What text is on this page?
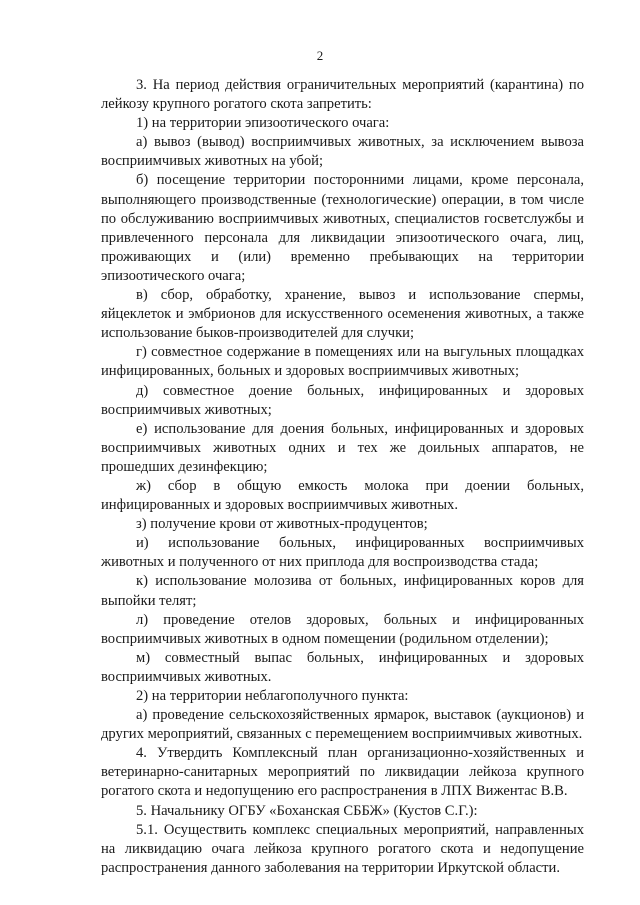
2

3. На период действия ограничительных мероприятий (карантина) по лейкозу крупного рогатого скота запретить:

1) на территории эпизоотического очага:

а) вывоз (вывод) восприимчивых животных, за исключением вывоза восприимчивых животных на убой;

б) посещение территории посторонними лицами, кроме персонала, выполняющего производственные (технологические) операции, в том числе по обслуживанию восприимчивых животных, специалистов госветслужбы и привлеченного персонала для ликвидации эпизоотического очага, лиц, проживающих и (или) временно пребывающих на территории эпизоотического очага;

в) сбор, обработку, хранение, вывоз и использование спермы, яйцеклеток и эмбрионов для искусственного осеменения животных, а также использование быков-производителей для случки;

г) совместное содержание в помещениях или на выгульных площадках инфицированных, больных и здоровых восприимчивых животных;

д) совместное доение больных, инфицированных и здоровых восприимчивых животных;

е) использование для доения больных, инфицированных и здоровых восприимчивых животных одних и тех же доильных аппаратов, не прошедших дезинфекцию;

ж) сбор в общую емкость молока при доении больных, инфицированных и здоровых восприимчивых животных.

з) получение крови от животных-продуцентов;

и) использование больных, инфицированных восприимчивых животных и полученного от них приплода для воспроизводства стада;

к) использование молозива от больных, инфицированных коров для выпойки телят;

л) проведение отелов здоровых, больных и инфицированных восприимчивых животных в одном помещении (родильном отделении);

м) совместный выпас больных, инфицированных и здоровых восприимчивых животных.

2) на территории неблагополучного пункта:

а) проведение сельскохозяйственных ярмарок, выставок (аукционов) и других мероприятий, связанных с перемещением восприимчивых животных.

4. Утвердить Комплексный план организационно-хозяйственных и ветеринарно-санитарных мероприятий по ликвидации лейкоза крупного рогатого скота и недопущению его распространения в ЛПХ Вижентас В.В.

5. Начальнику ОГБУ «Боханская СББЖ» (Кустов С.Г.):

5.1. Осуществить комплекс специальных мероприятий, направленных на ликвидацию очага лейкоза крупного рогатого скота и недопущение распространения данного заболевания на территории Иркутской области.
